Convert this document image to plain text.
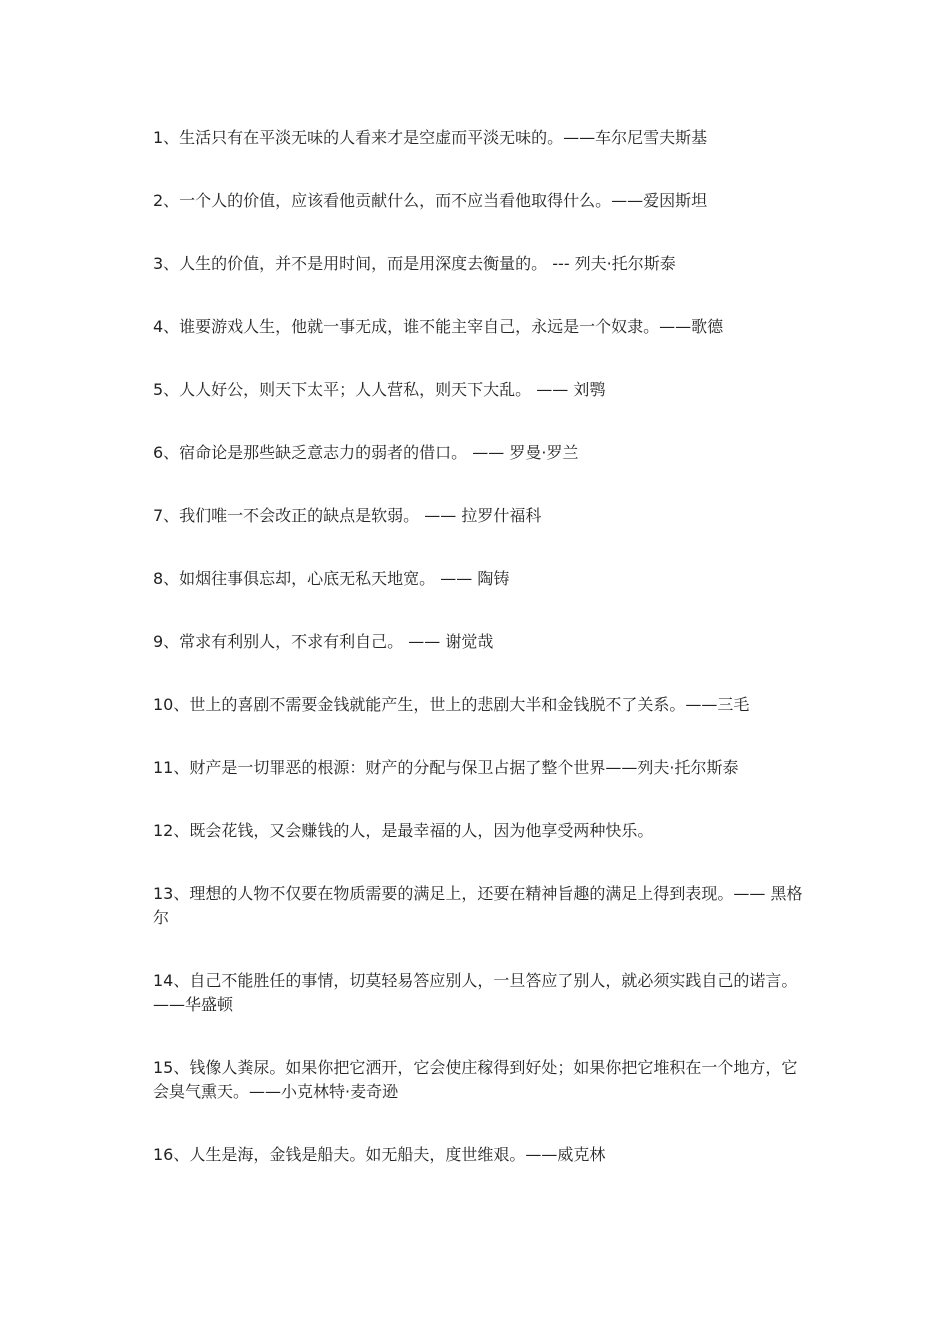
1、生活只有在平淡无味的人看来才是空虚而平淡无味的。——车尔尼雪夫斯基

2、一个人的价值，应该看他贡献什么，而不应当看他取得什么。——爱因斯坦

3、人生的价值，并不是用时间，而是用深度去衡量的。 --- 列夫·托尔斯泰

4、谁要游戏人生，他就一事无成，谁不能主宰自己，永远是一个奴隶。——歌德

5、人人好公，则天下太平；人人营私，则天下大乱。 —— 刘鹗

6、宿命论是那些缺乏意志力的弱者的借口。 —— 罗曼·罗兰

7、我们唯一不会改正的缺点是软弱。 —— 拉罗什福科

8、如烟往事俱忘却，心底无私天地宽。 —— 陶铸

9、常求有利别人，不求有利自己。 —— 谢觉哉

10、世上的喜剧不需要金钱就能产生，世上的悲剧大半和金钱脱不了关系。——三毛

11、财产是一切罪恶的根源：财产的分配与保卫占据了整个世界——列夫·托尔斯泰

12、既会花钱，又会赚钱的人，是最幸福的人，因为他享受两种快乐。

13、理想的人物不仅要在物质需要的满足上，还要在精神旨趣的满足上得到表现。—— 黑格尔

14、自己不能胜任的事情，切莫轻易答应别人，一旦答应了别人，就必须实践自己的诺言。 ——华盛顿

15、钱像人粪尿。如果你把它洒开，它会使庄稼得到好处；如果你把它堆积在一个地方，它会臭气熏天。——小克林特·麦奇逊

16、人生是海，金钱是船夫。如无船夫，度世维艰。——威克林
